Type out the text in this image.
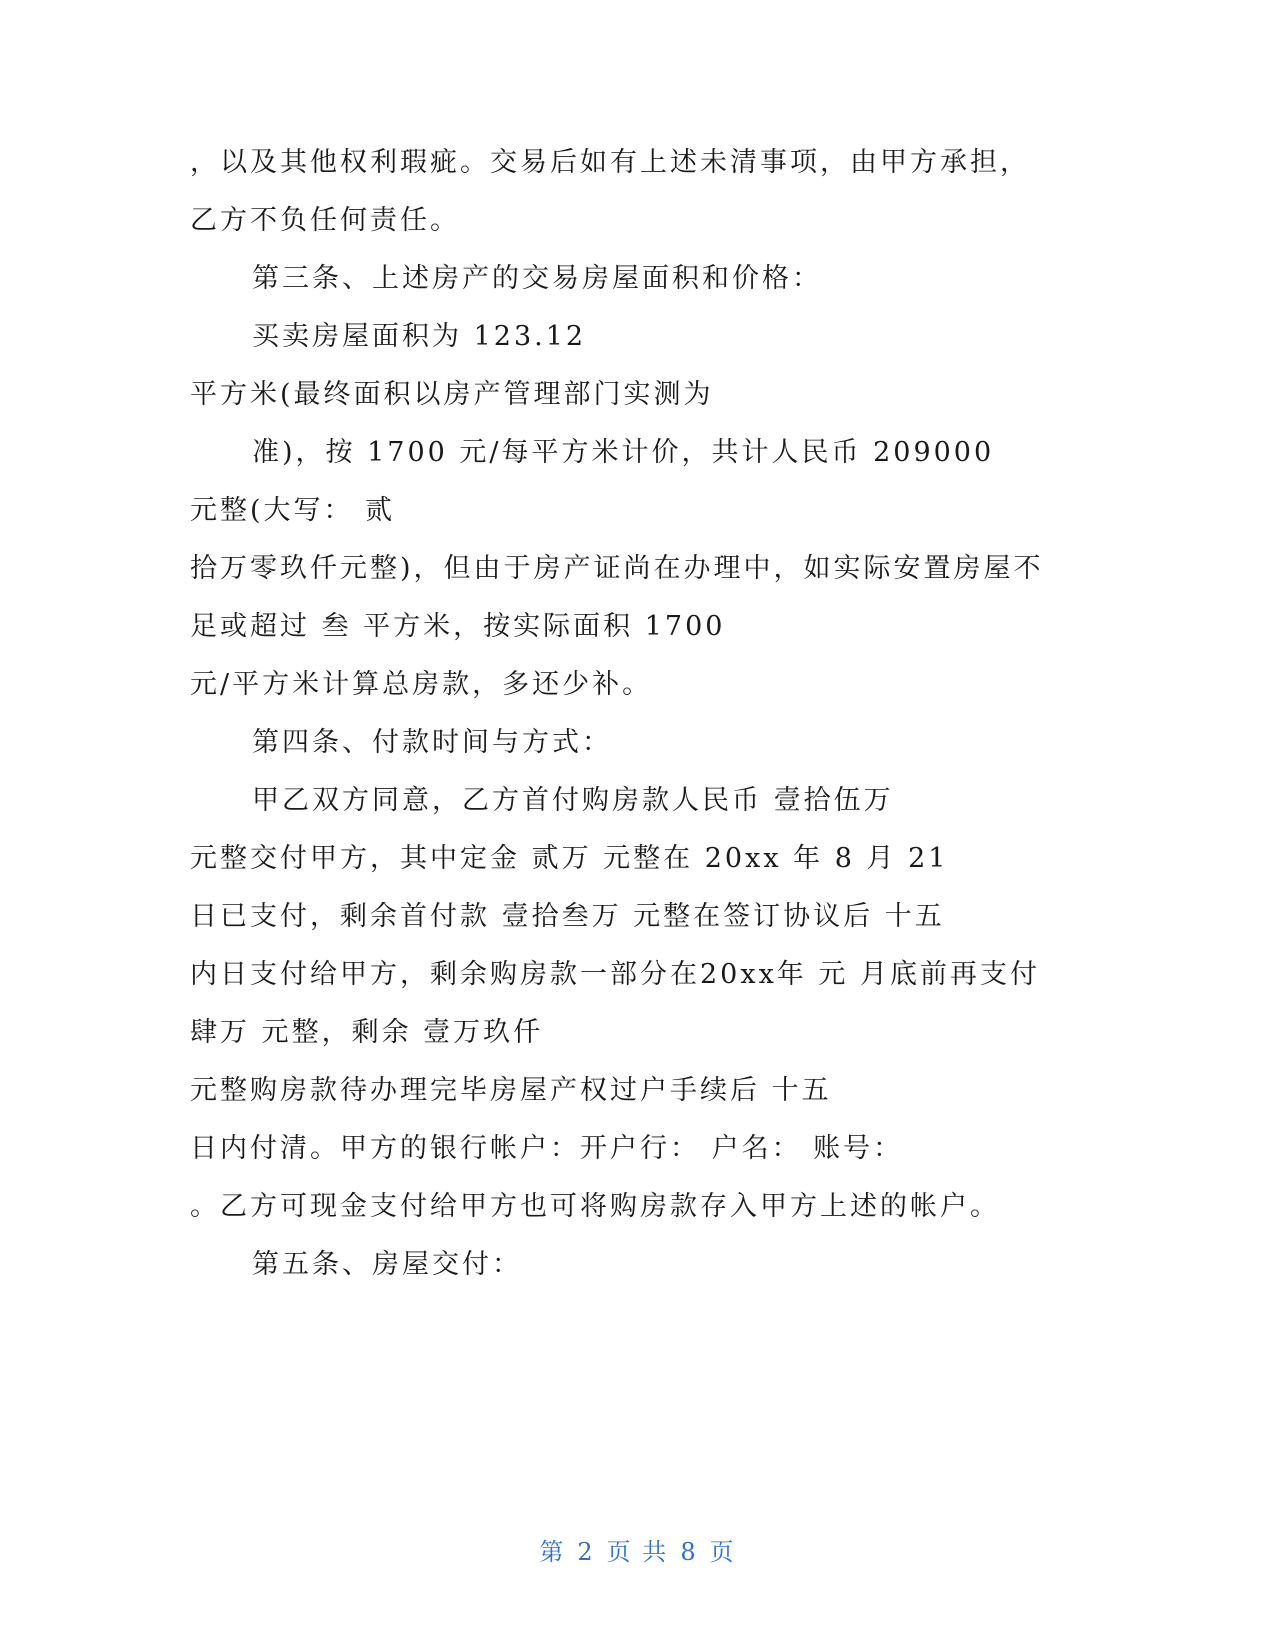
，以及其他权利瑕疵。交易后如有上述未清事项，由甲方承担，
乙方不负任何责任。
第三条、上述房产的交易房屋面积和价格：
买卖房屋面积为 123.12
平方米(最终面积以房产管理部门实测为
准)，按 1700 元/每平方米计价，共计人民币 209000
元整(大写： 贰
拾万零玖仟元整)，但由于房产证尚在办理中，如实际安置房屋不
足或超过 叁 平方米，按实际面积 1700
元/平方米计算总房款，多还少补。
第四条、付款时间与方式：
甲乙双方同意，乙方首付购房款人民币 壹拾伍万
元整交付甲方，其中定金 贰万 元整在 20xx 年 8 月 21
日已支付，剩余首付款 壹拾叁万 元整在签订协议后 十五
内日支付给甲方，剩余购房款一部分在20xx年 元 月底前再支付
肆万 元整，剩余 壹万玖仟
元整购房款待办理完毕房屋产权过户手续后 十五
日内付清。甲方的银行帐户：开户行： 户名： 账号：
。乙方可现金支付给甲方也可将购房款存入甲方上述的帐户。
第五条、房屋交付：
第 2 页 共 8 页
